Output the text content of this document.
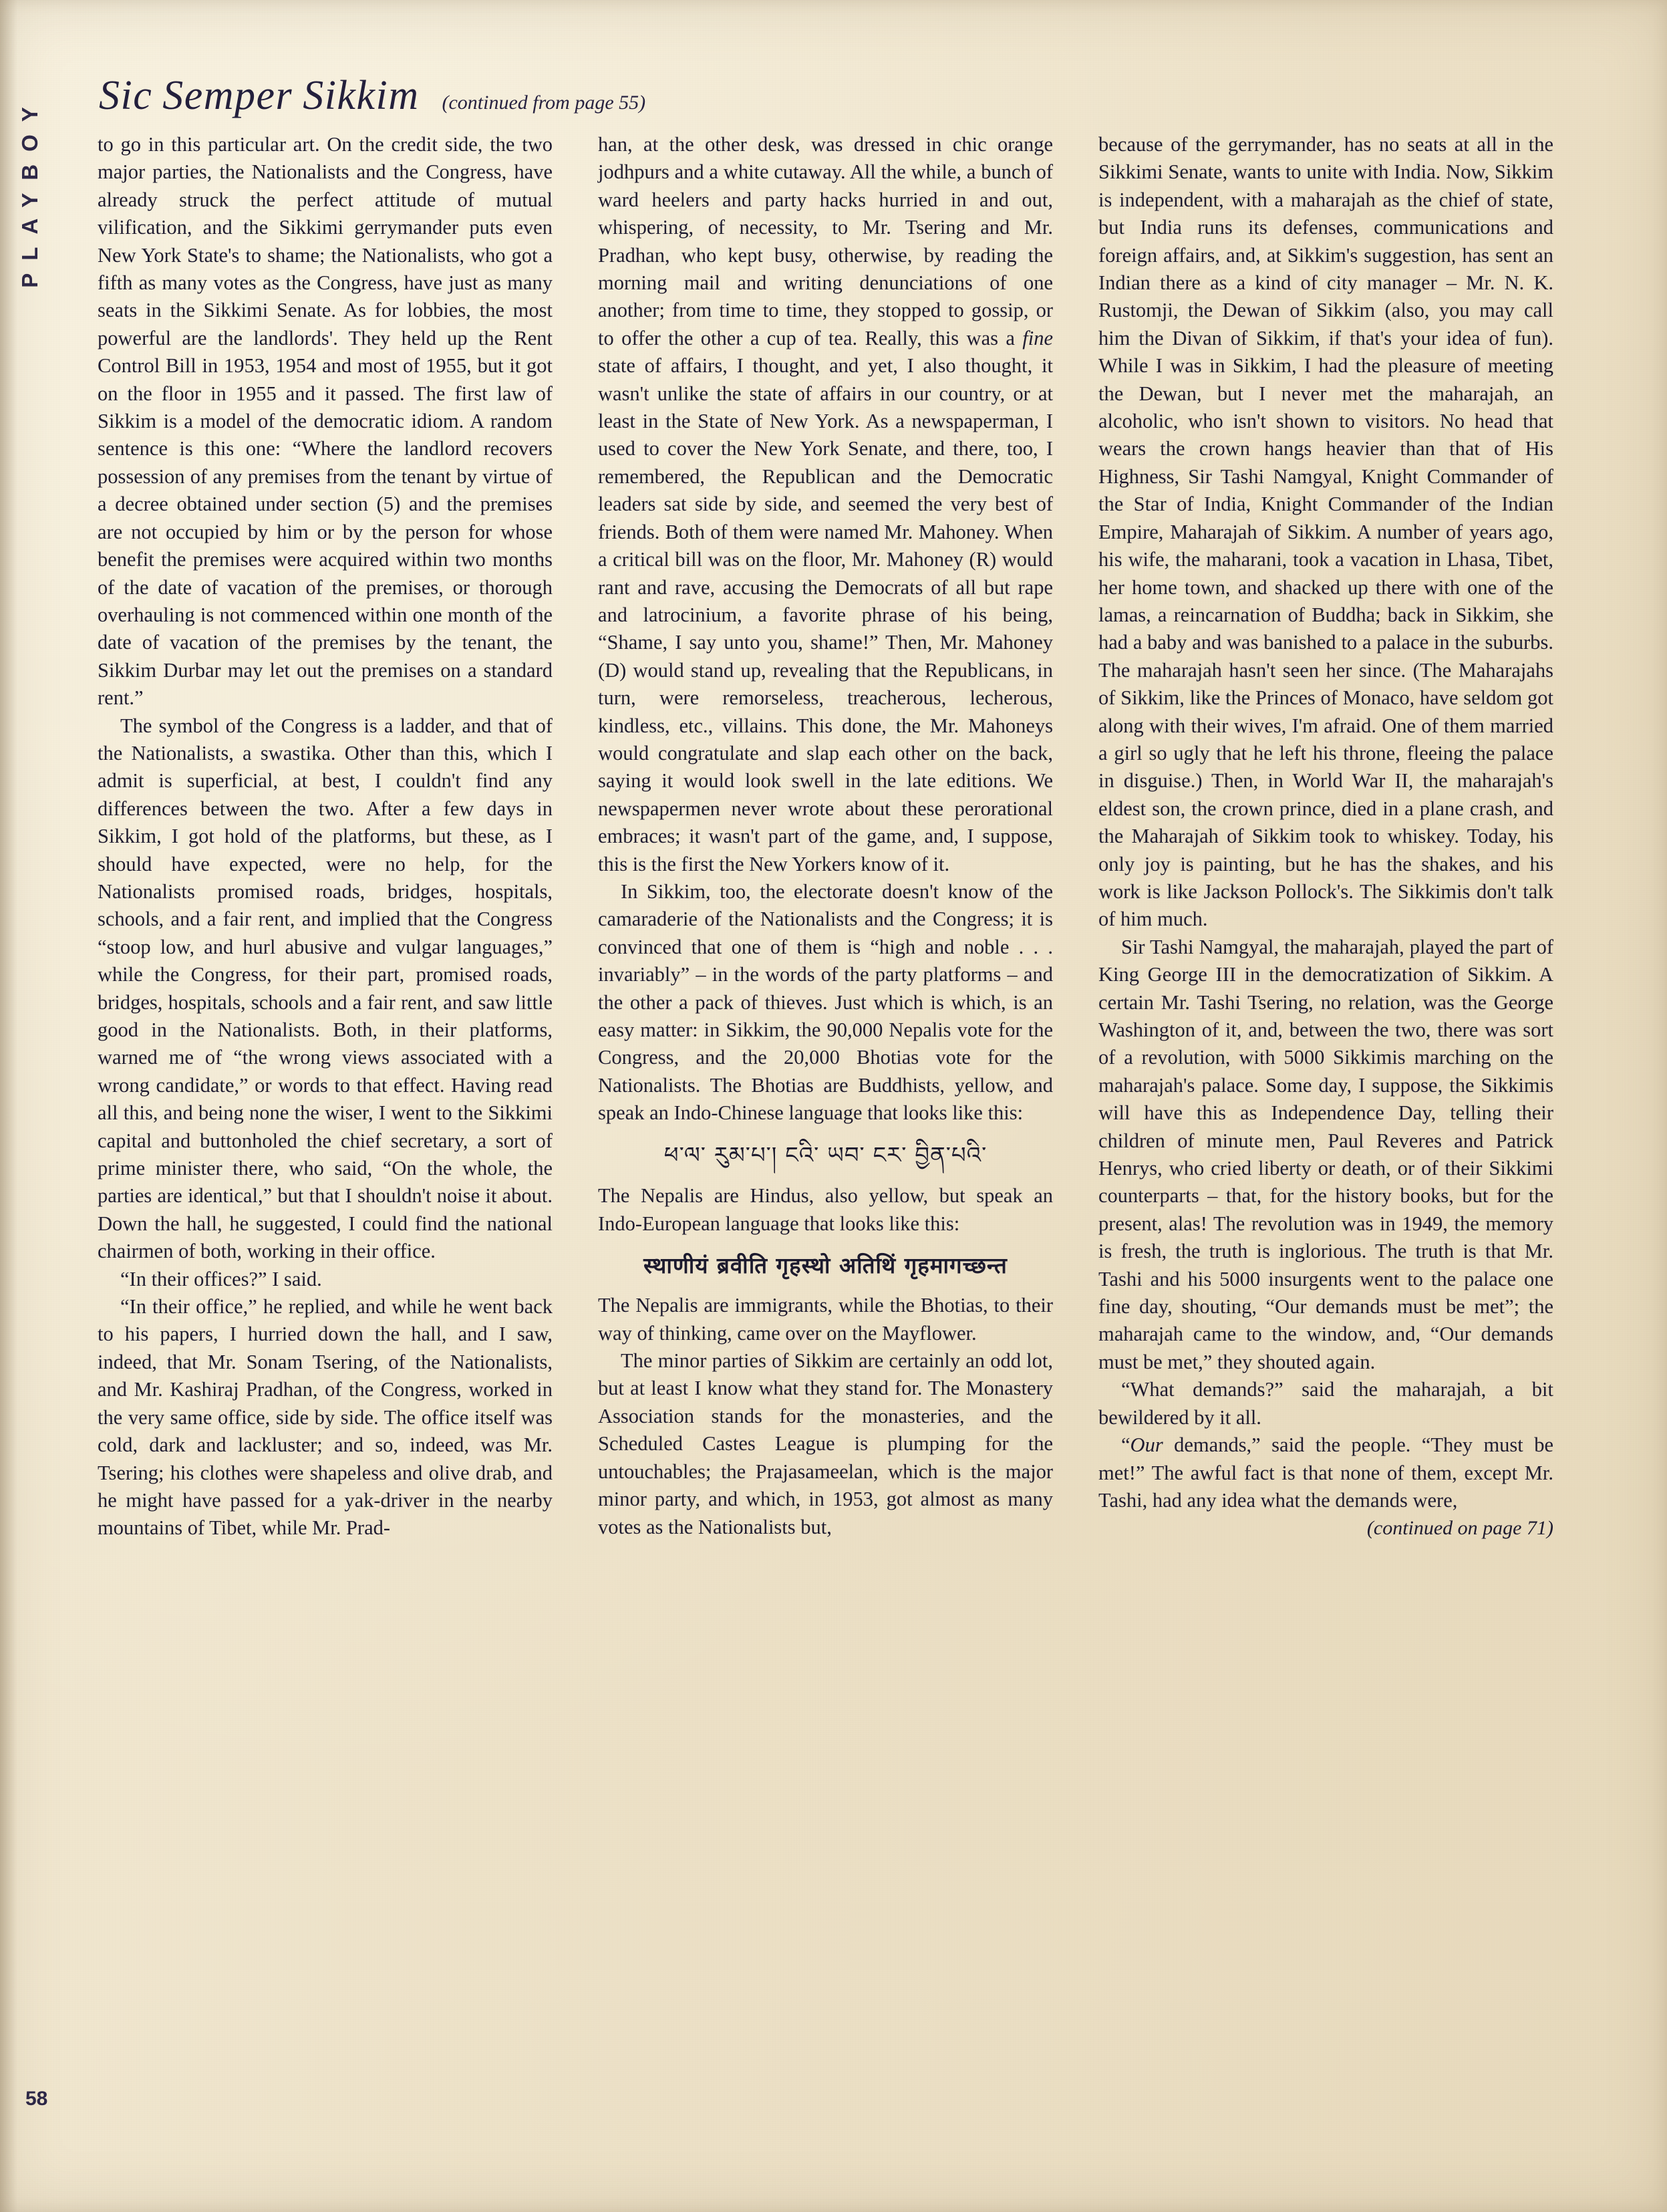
PLAYBOY
58
Sic Semper Sikkim (continued from page 55)

to go in this particular art. On the credit side, the two major parties, the Nationalists and the Congress, have already struck the perfect attitude of mutual vilification, and the Sikkimi gerrymander puts even New York State's to shame; the Nationalists, who got a fifth as many votes as the Congress, have just as many seats in the Sikkimi Senate. As for lobbies, the most powerful are the landlords'. They held up the Rent Control Bill in 1953, 1954 and most of 1955, but it got on the floor in 1955 and it passed. The first law of Sikkim is a model of the democratic idiom. A random sentence is this one: “Where the landlord recovers possession of any premises from the tenant by virtue of a decree obtained under section (5) and the premises are not occupied by him or by the person for whose benefit the premises were acquired within two months of the date of vacation of the premises, or thorough overhauling is not commenced within one month of the date of vacation of the premises by the tenant, the Sikkim Durbar may let out the premises on a standard rent.”

The symbol of the Congress is a ladder, and that of the Nationalists, a swastika. Other than this, which I admit is superficial, at best, I couldn't find any differences between the two. After a few days in Sikkim, I got hold of the platforms, but these, as I should have expected, were no help, for the Nationalists promised roads, bridges, hospitals, schools, and a fair rent, and implied that the Congress “stoop low, and hurl abusive and vulgar languages,” while the Congress, for their part, promised roads, bridges, hospitals, schools and a fair rent, and saw little good in the Nationalists. Both, in their platforms, warned me of “the wrong views associated with a wrong candidate,” or words to that effect. Having read all this, and being none the wiser, I went to the Sikkimi capital and buttonholed the chief secretary, a sort of prime minister there, who said, “On the whole, the parties are identical,” but that I shouldn't noise it about. Down the hall, he suggested, I could find the national chairmen of both, working in their office.

“In their offices?” I said.

“In their office,” he replied, and while he went back to his papers, I hurried down the hall, and I saw, indeed, that Mr. Sonam Tsering, of the Nationalists, and Mr. Kashiraj Pradhan, of the Congress, worked in the very same office, side by side. The office itself was cold, dark and lackluster; and so, indeed, was Mr. Tsering; his clothes were shapeless and olive drab, and he might have passed for a yak-driver in the nearby mountains of Tibet, while Mr. Prad-

han, at the other desk, was dressed in chic orange jodhpurs and a white cutaway. All the while, a bunch of ward heelers and party hacks hurried in and out, whispering, of necessity, to Mr. Tsering and Mr. Pradhan, who kept busy, otherwise, by reading the morning mail and writing denunciations of one another; from time to time, they stopped to gossip, or to offer the other a cup of tea. Really, this was a fine state of affairs, I thought, and yet, I also thought, it wasn't unlike the state of affairs in our country, or at least in the State of New York. As a newspaperman, I used to cover the New York Senate, and there, too, I remembered, the Republican and the Democratic leaders sat side by side, and seemed the very best of friends. Both of them were named Mr. Mahoney. When a critical bill was on the floor, Mr. Mahoney (R) would rant and rave, accusing the Democrats of all but rape and latrocinium, a favorite phrase of his being, “Shame, I say unto you, shame!” Then, Mr. Mahoney (D) would stand up, revealing that the Republicans, in turn, were remorseless, treacherous, lecherous, kindless, etc., villains. This done, the Mr. Mahoneys would congratulate and slap each other on the back, saying it would look swell in the late editions. We newspapermen never wrote about these perorational embraces; it wasn't part of the game, and, I suppose, this is the first the New Yorkers know of it.

In Sikkim, too, the electorate doesn't know of the camaraderie of the Nationalists and the Congress; it is convinced that one of them is “high and noble . . . invariably” – in the words of the party platforms – and the other a pack of thieves. Just which is which, is an easy matter: in Sikkim, the 90,000 Nepalis vote for the Congress, and the 20,000 Bhotias vote for the Nationalists. The Bhotias are Buddhists, yellow, and speak an Indo-Chinese language that looks like this:

ཕ་ལ་ རུམ་པ་། ངའི་ ཡབ་ ངར་ བྱིན་པའི་

The Nepalis are Hindus, also yellow, but speak an Indo-European language that looks like this:

स्थाणीयं ब्रवीति गृहस्थो अतिथिं गृहमागच्छन्त

The Nepalis are immigrants, while the Bhotias, to their way of thinking, came over on the Mayflower.

The minor parties of Sikkim are certainly an odd lot, but at least I know what they stand for. The Monastery Association stands for the monasteries, and the Scheduled Castes League is plumping for the untouchables; the Prajasameelan, which is the major minor party, and which, in 1953, got almost as many votes as the Nationalists but,

because of the gerrymander, has no seats at all in the Sikkimi Senate, wants to unite with India. Now, Sikkim is independent, with a maharajah as the chief of state, but India runs its defenses, communications and foreign affairs, and, at Sikkim's suggestion, has sent an Indian there as a kind of city manager – Mr. N. K. Rustomji, the Dewan of Sikkim (also, you may call him the Divan of Sikkim, if that's your idea of fun). While I was in Sikkim, I had the pleasure of meeting the Dewan, but I never met the maharajah, an alcoholic, who isn't shown to visitors. No head that wears the crown hangs heavier than that of His Highness, Sir Tashi Namgyal, Knight Commander of the Star of India, Knight Commander of the Indian Empire, Maharajah of Sikkim. A number of years ago, his wife, the maharani, took a vacation in Lhasa, Tibet, her home town, and shacked up there with one of the lamas, a reincarnation of Buddha; back in Sikkim, she had a baby and was banished to a palace in the suburbs. The maharajah hasn't seen her since. (The Maharajahs of Sikkim, like the Princes of Monaco, have seldom got along with their wives, I'm afraid. One of them married a girl so ugly that he left his throne, fleeing the palace in disguise.) Then, in World War II, the maharajah's eldest son, the crown prince, died in a plane crash, and the Maharajah of Sikkim took to whiskey. Today, his only joy is painting, but he has the shakes, and his work is like Jackson Pollock's. The Sikkimis don't talk of him much.

Sir Tashi Namgyal, the maharajah, played the part of King George III in the democratization of Sikkim. A certain Mr. Tashi Tsering, no relation, was the George Washington of it, and, between the two, there was sort of a revolution, with 5000 Sikkimis marching on the maharajah's palace. Some day, I suppose, the Sikkimis will have this as Independence Day, telling their children of minute men, Paul Reveres and Patrick Henrys, who cried liberty or death, or of their Sikkimi counterparts – that, for the history books, but for the present, alas! The revolution was in 1949, the memory is fresh, the truth is inglorious. The truth is that Mr. Tashi and his 5000 insurgents went to the palace one fine day, shouting, “Our demands must be met”; the maharajah came to the window, and, “Our demands must be met,” they shouted again.

“What demands?” said the maharajah, a bit bewildered by it all.

“Our demands,” said the people. “They must be met!” The awful fact is that none of them, except Mr. Tashi, had any idea what the demands were,

(continued on page 71)
